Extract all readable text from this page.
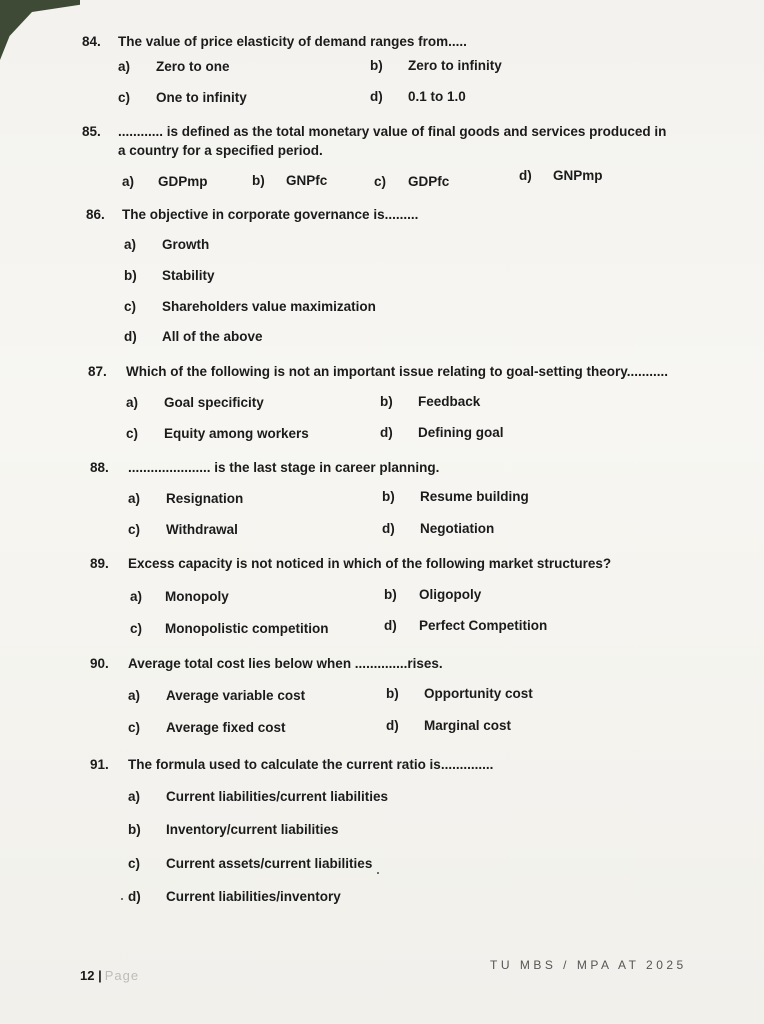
84.	The value of price elasticity of demand ranges from.....
a) Zero to one	b) Zero to infinity
c) One to infinity	d) 0.1 to 1.0
85.	............ is defined as the total monetary value of final goods and services produced in a country for a specified period.
a) GDPmp	b) GNPfc	c) GDPfc	d) GNPmp
86.	The objective in corporate governance is.........
a) Growth
b) Stability
c) Shareholders value maximization
d) All of the above
87.	Which of the following is not an important issue relating to goal-setting theory...........
a) Goal specificity	b) Feedback
c) Equity among workers	d) Defining goal
88.	...................... is the last stage in career planning.
a) Resignation	b) Resume building
c) Withdrawal	d) Negotiation
89.	Excess capacity is not noticed in which of the following market structures?
a) Monopoly	b) Oligopoly
c) Monopolistic competition	d) Perfect Competition
90.	Average total cost lies below when ..............rises.
a) Average variable cost	b) Opportunity cost
c) Average fixed cost	d) Marginal cost
91.	The formula used to calculate the current ratio is..............
a) Current liabilities/current liabilities
b) Inventory/current liabilities
c) Current assets/current liabilities
d) Current liabilities/inventory
12 | Page
TU MBS / MPA AT 2025
